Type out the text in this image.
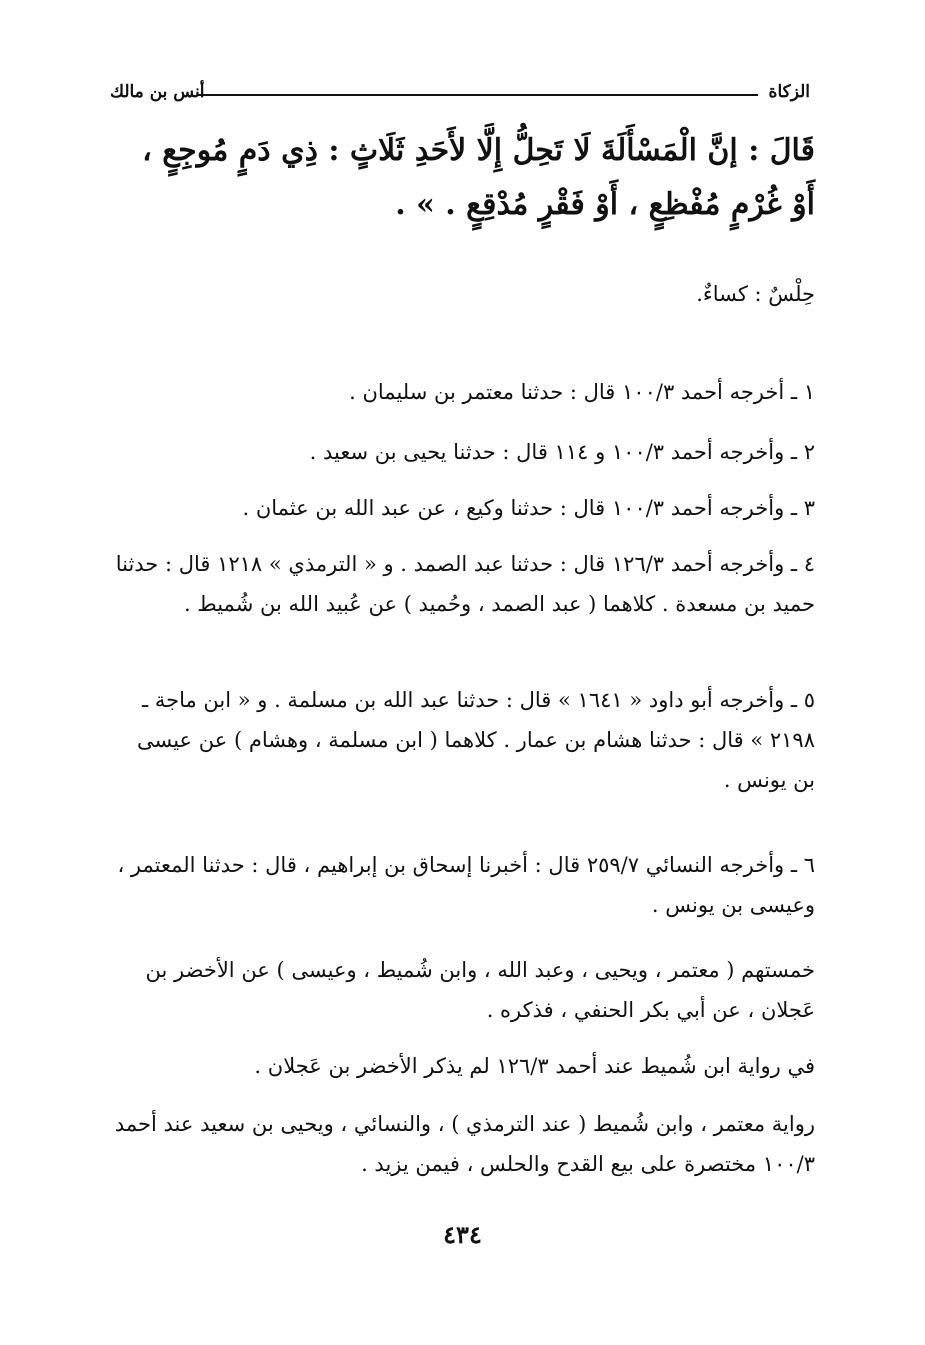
الزكاة
أنس بن مالك
قَالَ : إنَّ الْمَسْأَلَةَ لَا تَحِلُّ إِلَّا لأَحَدِ ثَلَاثٍ : ذِي دَمٍ مُوجِعٍ ، أَوْ غُرْمٍ مُفْظِعٍ ، أَوْ فَقْرٍ مُدْقِعٍ . » .
حِلْسٌ : كساءٌ.
١ ـ أخرجه أحمد ١٠٠/٣ قال : حدثنا معتمر بن سليمان .
٢ ـ وأخرجه أحمد ١٠٠/٣ و ١١٤ قال : حدثنا يحيى بن سعيد .
٣ ـ وأخرجه أحمد ١٠٠/٣ قال : حدثنا وكيع ، عن عبد الله بن عثمان .
٤ ـ وأخرجه أحمد ١٢٦/٣ قال : حدثنا عبد الصمد . و « الترمذي » ١٢١٨ قال : حدثنا حميد بن مسعدة . كلاهما ( عبد الصمد ، وحُميد ) عن عُبيد الله بن شُميط .
٥ ـ وأخرجه أبو داود « ١٦٤١ » قال : حدثنا عبد الله بن مسلمة . و « ابن ماجة ـ ٢١٩٨ » قال : حدثنا هشام بن عمار . كلاهما ( ابن مسلمة ، وهشام ) عن عيسى بن يونس .
٦ ـ وأخرجه النسائي ٢٥٩/٧ قال : أخبرنا إسحاق بن إبراهيم ، قال : حدثنا المعتمر ، وعيسى بن يونس .
خمستهم ( معتمر ، ويحيى ، وعبد الله ، وابن شُميط ، وعيسى ) عن الأخضر بن عَجلان ، عن أبي بكر الحنفي ، فذكره .
في رواية ابن شُميط عند أحمد ١٢٦/٣ لم يذكر الأخضر بن عَجلان .
رواية معتمر ، وابن شُميط ( عند الترمذي ) ، والنسائي ، ويحيى بن سعيد عند أحمد ١٠٠/٣ مختصرة على بيع القدح والحلس ، فيمن يزيد .
٤٣٤
